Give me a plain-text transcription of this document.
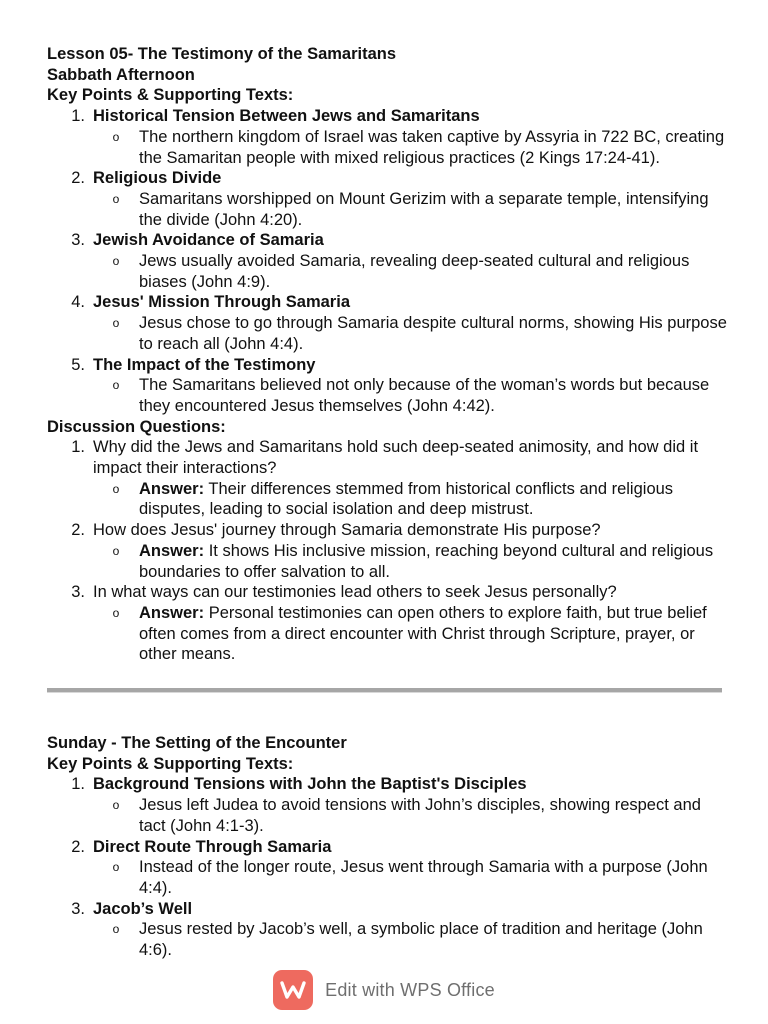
Lesson 05- The Testimony of the Samaritans
Sabbath Afternoon
Key Points & Supporting Texts:
1. Historical Tension Between Jews and Samaritans
o	The northern kingdom of Israel was taken captive by Assyria in 722 BC, creating the Samaritan people with mixed religious practices (2 Kings 17:24-41).
2. Religious Divide
o	Samaritans worshipped on Mount Gerizim with a separate temple, intensifying the divide (John 4:20).
3. Jewish Avoidance of Samaria
o	Jews usually avoided Samaria, revealing deep-seated cultural and religious biases (John 4:9).
4. Jesus' Mission Through Samaria
o	Jesus chose to go through Samaria despite cultural norms, showing His purpose to reach all (John 4:4).
5. The Impact of the Testimony
o	The Samaritans believed not only because of the woman’s words but because they encountered Jesus themselves (John 4:42).
Discussion Questions:
1. Why did the Jews and Samaritans hold such deep-seated animosity, and how did it impact their interactions?
o	Answer: Their differences stemmed from historical conflicts and religious disputes, leading to social isolation and deep mistrust.
2. How does Jesus' journey through Samaria demonstrate His purpose?
o	Answer: It shows His inclusive mission, reaching beyond cultural and religious boundaries to offer salvation to all.
3. In what ways can our testimonies lead others to seek Jesus personally?
o	Answer: Personal testimonies can open others to explore faith, but true belief often comes from a direct encounter with Christ through Scripture, prayer, or other means.
Sunday - The Setting of the Encounter
Key Points & Supporting Texts:
1. Background Tensions with John the Baptist's Disciples
o	Jesus left Judea to avoid tensions with John’s disciples, showing respect and tact (John 4:1-3).
2. Direct Route Through Samaria
o	Instead of the longer route, Jesus went through Samaria with a purpose (John 4:4).
3. Jacob’s Well
o	Jesus rested by Jacob’s well, a symbolic place of tradition and heritage (John 4:6).
Edit with WPS Office
